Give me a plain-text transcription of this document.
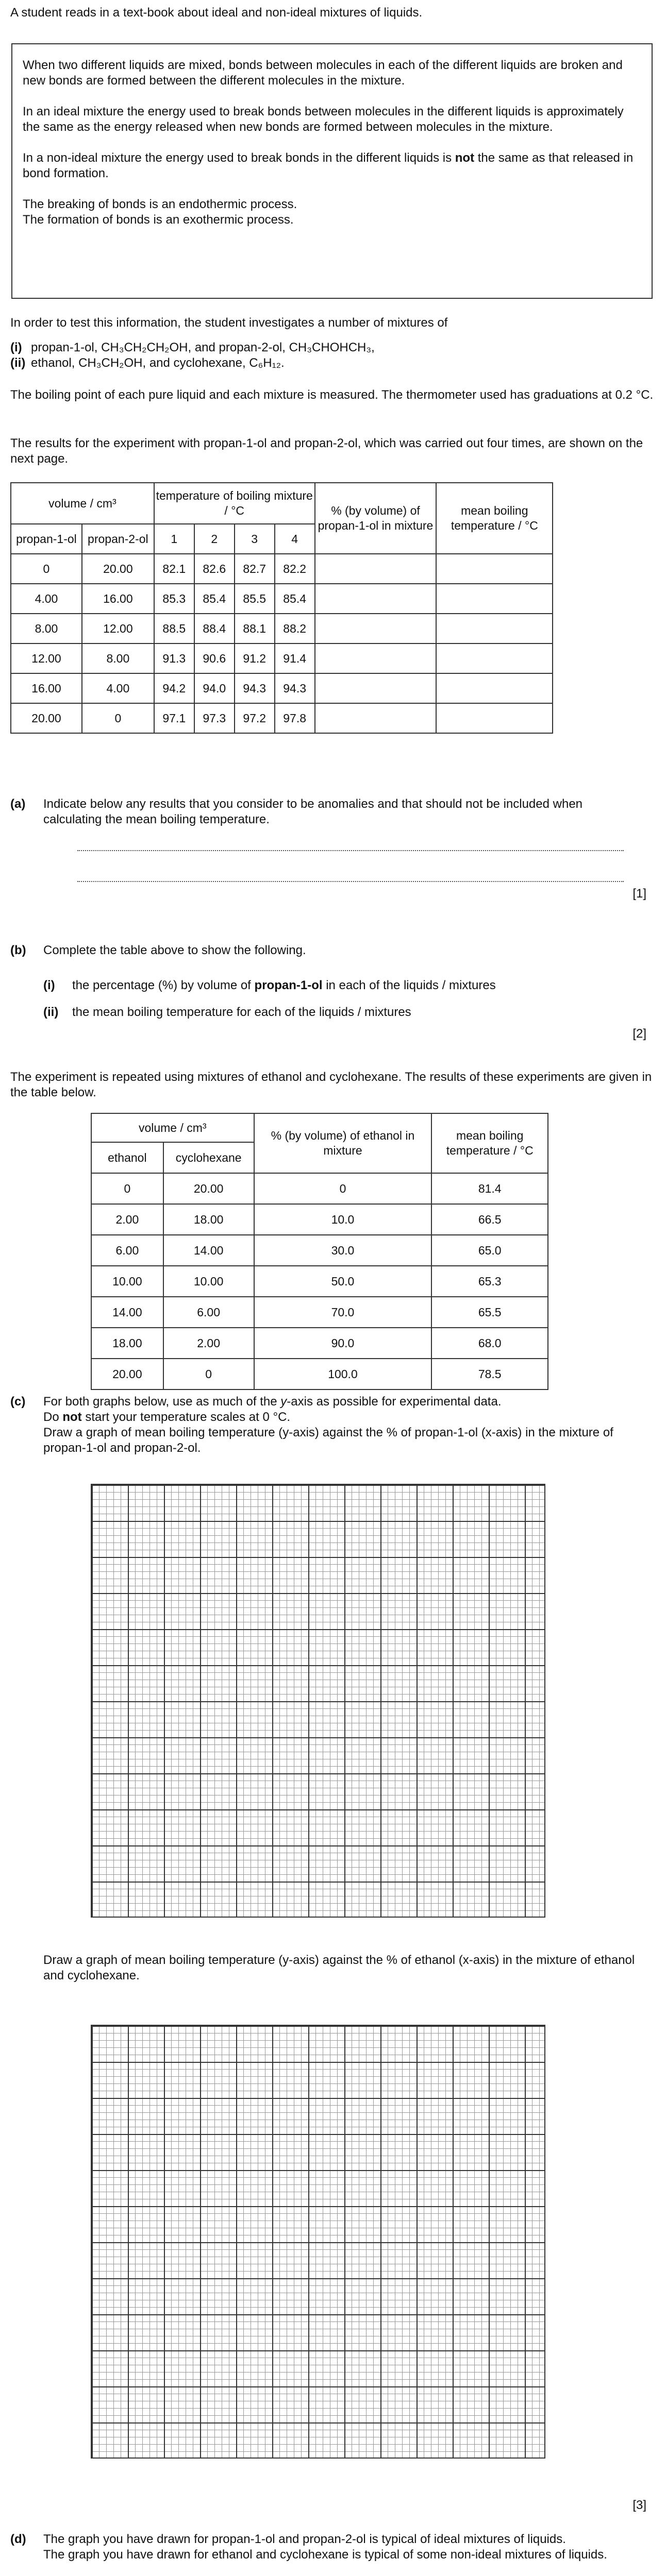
A student reads in a text-book about ideal and non-ideal mixtures of liquids.

When two different liquids are mixed, bonds between molecules in each of the different liquids are broken and new bonds are formed between the different molecules in the mixture.

In an ideal mixture the energy used to break bonds between molecules in the different liquids is approximately the same as the energy released when new bonds are formed between molecules in the mixture.

In a non-ideal mixture the energy used to break bonds in the different liquids is not the same as that released in bond formation.

The breaking of bonds is an endothermic process.
The formation of bonds is an exothermic process.

In order to test this information, the student investigates a number of mixtures of

(i) propan-1-ol, CH₃CH₂CH₂OH, and propan-2-ol, CH₃CHOHCH₃,
(ii) ethanol, CH₃CH₂OH, and cyclohexane, C₆H₁₂.

The boiling point of each pure liquid and each mixture is measured. The thermometer used has graduations at 0.2 °C.

The results for the experiment with propan-1-ol and propan-2-ol, which was carried out four times, are shown on the next page.

volume / cm³		temperature of boiling mixture / °C				% (by volume) of propan-1-ol in mixture	mean boiling temperature / °C	
propan-1-ol	propan-2-ol	1	2	3	4			
0	20.00	82.1	82.6	82.7	82.2			
4.00	16.00	85.3	85.4	85.5	85.4			
8.00	12.00	88.5	88.4	88.1	88.2			
12.00	8.00	91.3	90.6	91.2	91.4			
16.00	4.00	94.2	94.0	94.3	94.3			
20.00	0	97.1	97.3	97.2	97.8			
(a) Indicate below any results that you consider to be anomalies and that should not be included when calculating the mean boiling temperature.

[1]
(b) Complete the table above to show the following.

(i) the percentage (%) by volume of propan-1-ol in each of the liquids / mixtures
(ii) the mean boiling temperature for each of the liquids / mixtures
[2]

The experiment is repeated using mixtures of ethanol and cyclohexane. The results of these experiments are given in the table below.

volume / cm³		% (by volume) of ethanol in mixture	mean boiling temperature / °C
ethanol	cyclohexane		
0	20.00	0	81.4
2.00	18.00	10.0	66.5
6.00	14.00	30.0	65.0
10.00	10.00	50.0	65.3
14.00	6.00	70.0	65.5
18.00	2.00	90.0	68.0
20.00	0	100.0	78.5
(c) For both graphs below, use as much of the y-axis as possible for experimental data.

Do not start your temperature scales at 0 °C.

Draw a graph of mean boiling temperature (y-axis) against the % of propan-1-ol (x-axis) in the mixture of propan-1-ol and propan-2-ol.

Draw a graph of mean boiling temperature (y-axis) against the % of ethanol (x-axis) in the mixture of ethanol and cyclohexane.

[3]
(d) The graph you have drawn for propan-1-ol and propan-2-ol is typical of ideal mixtures of liquids.

The graph you have drawn for ethanol and cyclohexane is typical of some non-ideal mixtures of liquids.
